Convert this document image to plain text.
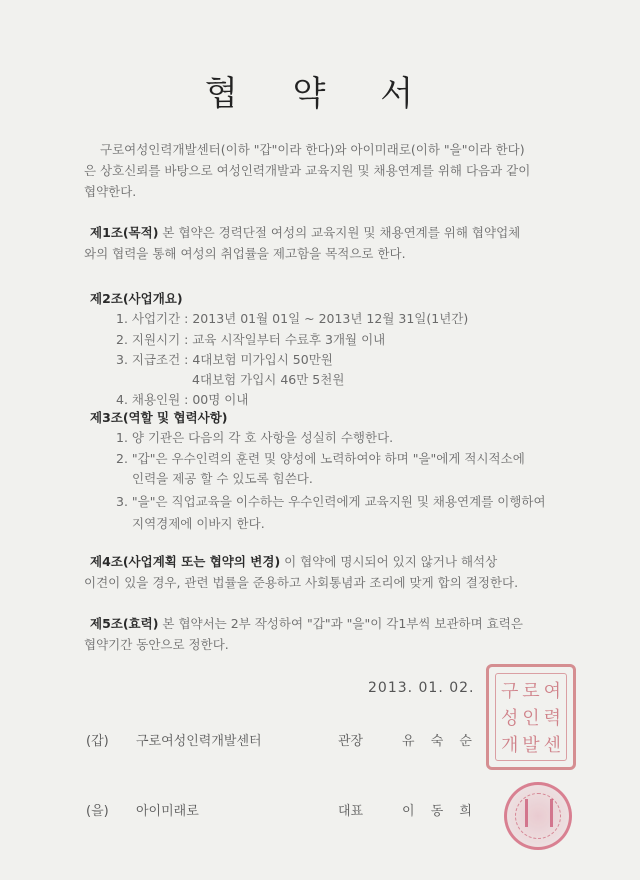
협 약 서
구로여성인력개발센터(이하 "갑"이라 한다)와 아이미래로(이하 "을"이라 한다)
은 상호신뢰를 바탕으로 여성인력개발과 교육지원 및 채용연계를 위해 다음과 같이
협약한다.
제1조(목적) 본 협약은 경력단절 여성의 교육지원 및 채용연계를 위해 협약업체
와의 협력을 통해 여성의 취업률을 제고함을 목적으로 한다.
제2조(사업개요)
1. 사업기간 : 2013년 01월 01일 ~ 2013년 12월 31일(1년간)
2. 지원시기 : 교육 시작일부터 수료후 3개월 이내
3. 지급조건 : 4대보험 미가입시 50만원
4대보험 가입시 46만 5천원
4. 채용인원 : 00명 이내
제3조(역할 및 협력사항)
1. 양 기관은 다음의 각 호 사항을 성실히 수행한다.
2. "갑"은 우수인력의 훈련 및 양성에 노력하여야 하며 "을"에게 적시적소에
인력을 제공 할 수 있도록 힘쓴다.
3. "을"은 직업교육을 이수하는 우수인력에게 교육지원 및 채용연계를 이행하여
지역경제에 이바지 한다.
제4조(사업계획 또는 협약의 변경) 이 협약에 명시되어 있지 않거나 해석상
이견이 있을 경우, 관련 법률을 준용하고 사회통념과 조리에 맞게 합의 결정한다.
제5조(효력) 본 협약서는 2부 작성하여 "갑"과 "을"이 각1부씩 보관하며 효력은
협약기간 동안으로 정한다.
2013. 01. 02.
(갑) 구로여성인력개발센터	관장	유 숙 순
구 로 여
성 인 력
개 발 센
(을) 아이미래로	대표	이 동 희
